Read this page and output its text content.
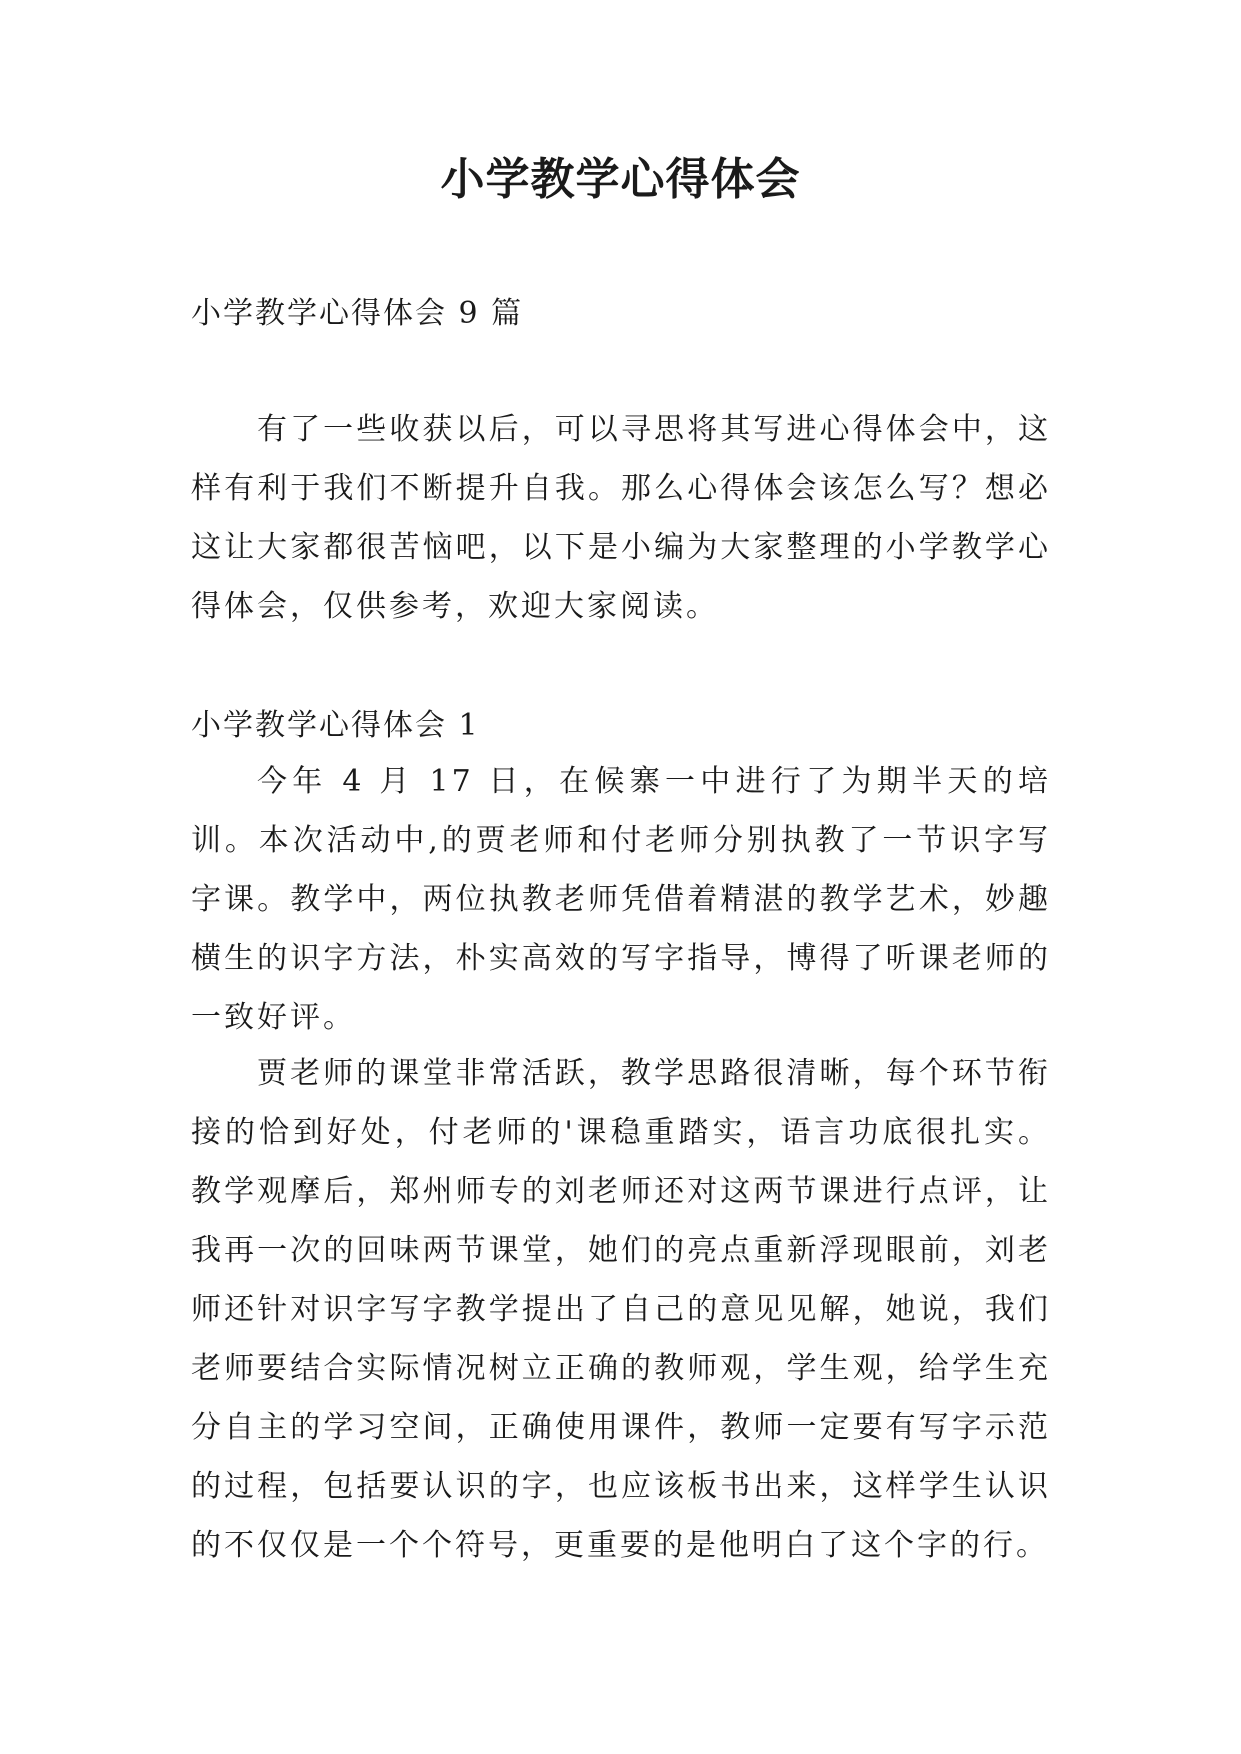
小学教学心得体会

小学教学心得体会 9 篇

有了一些收获以后，可以寻思将其写进心得体会中，这样有利于我们不断提升自我。那么心得体会该怎么写？想必这让大家都很苦恼吧，以下是小编为大家整理的小学教学心得体会，仅供参考，欢迎大家阅读。

小学教学心得体会 1

今年 4 月 17 日，在候寨一中进行了为期半天的培训。本次活动中,的贾老师和付老师分别执教了一节识字写字课。教学中，两位执教老师凭借着精湛的教学艺术，妙趣横生的识字方法，朴实高效的写字指导，博得了听课老师的一致好评。

贾老师的课堂非常活跃，教学思路很清晰，每个环节衔接的恰到好处，付老师的'课稳重踏实，语言功底很扎实。教学观摩后，郑州师专的刘老师还对这两节课进行点评，让我再一次的回味两节课堂，她们的亮点重新浮现眼前，刘老师还针对识字写字教学提出了自己的意见见解，她说，我们老师要结合实际情况树立正确的教师观，学生观，给学生充分自主的学习空间，正确使用课件，教师一定要有写字示范的过程，包括要认识的字，也应该板书出来，这样学生认识的不仅仅是一个个符号，更重要的是他明白了这个字的行。
